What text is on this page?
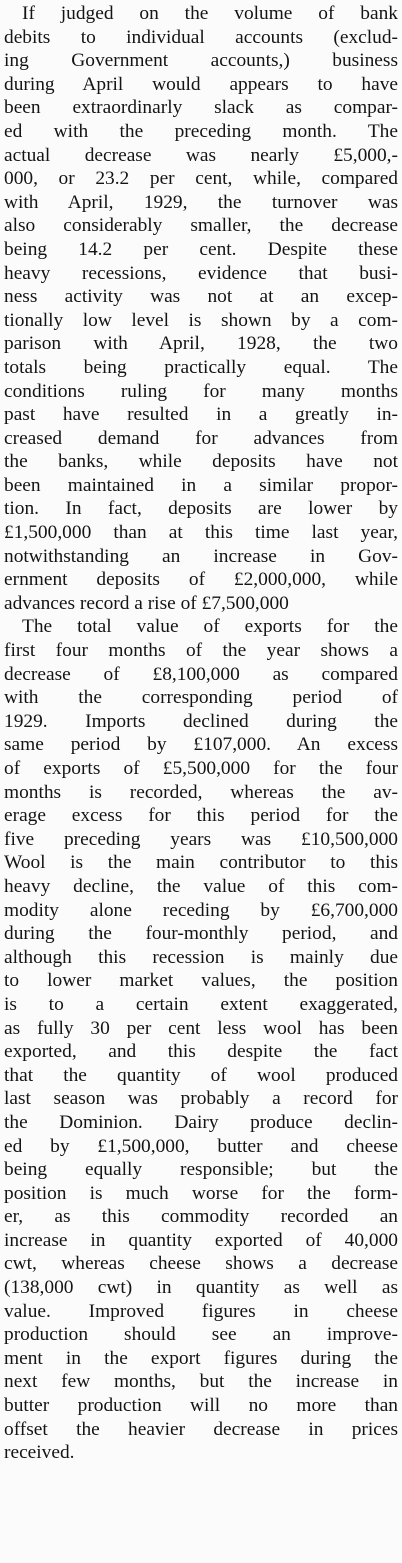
If judged on the volume of bank
debits to individual accounts (exclud-
ing Government accounts,) business
during April would appears to have
been extraordinarly slack as compar-
ed with the preceding month. The
actual decrease was nearly £5,000,-
000, or 23.2 per cent, while, compared
with April, 1929, the turnover was
also considerably smaller, the decrease
being 14.2 per cent. Despite these
heavy recessions, evidence that busi-
ness activity was not at an excep-
tionally low level is shown by a com-
parison with April, 1928, the two
totals being practically equal. The
conditions ruling for many months
past have resulted in a greatly in-
creased demand for advances from
the banks, while deposits have not
been maintained in a similar propor-
tion. In fact, deposits are lower by
£1,500,000 than at this time last year,
notwithstanding an increase in Gov-
ernment deposits of £2,000,000, while
advances record a rise of £7,500,000
The total value of exports for the
first four months of the year shows a
decrease of £8,100,000 as compared
with the corresponding period of
1929. Imports declined during the
same period by £107,000. An excess
of exports of £5,500,000 for the four
months is recorded, whereas the av-
erage excess for this period for the
five preceding years was £10,500,000
Wool is the main contributor to this
heavy decline, the value of this com-
modity alone receding by £6,700,000
during the four-monthly period, and
although this recession is mainly due
to lower market values, the position
is to a certain extent exaggerated,
as fully 30 per cent less wool has been
exported, and this despite the fact
that the quantity of wool produced
last season was probably a record for
the Dominion. Dairy produce declin-
ed by £1,500,000, butter and cheese
being equally responsible; but the
position is much worse for the form-
er, as this commodity recorded an
increase in quantity exported of 40,000
cwt, whereas cheese shows a decrease
(138,000 cwt) in quantity as well as
value. Improved figures in cheese
production should see an improve-
ment in the export figures during the
next few months, but the increase in
butter production will no more than
offset the heavier decrease in prices
received.
